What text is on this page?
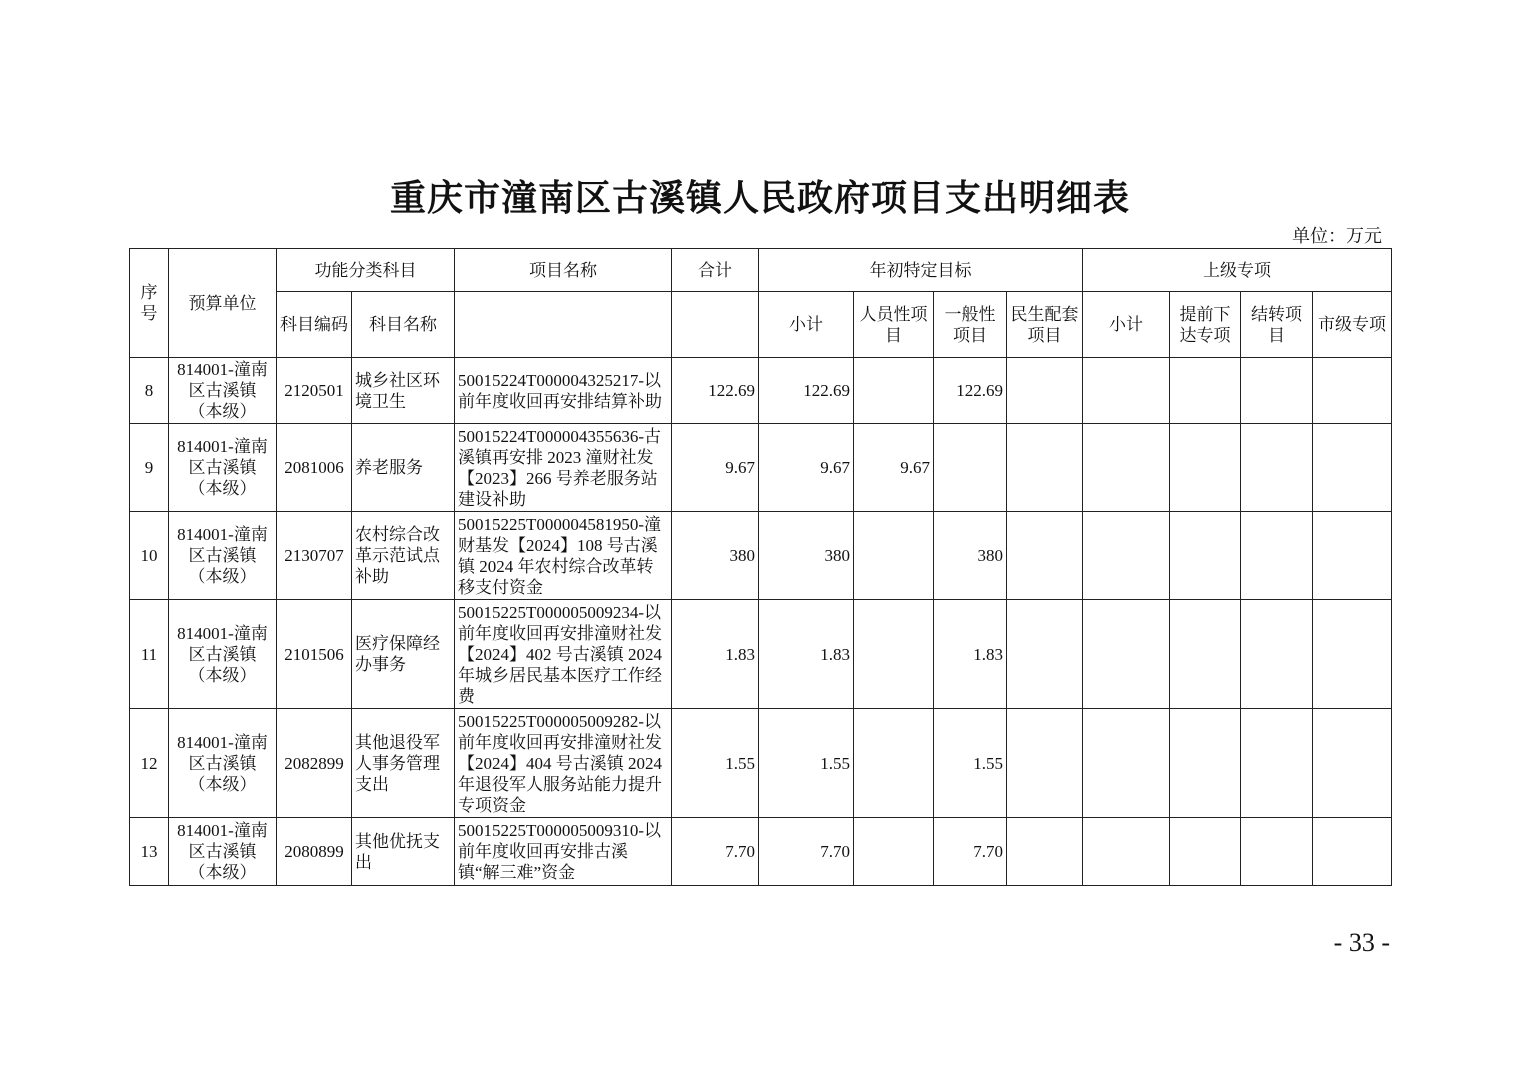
重庆市潼南区古溪镇人民政府项目支出明细表
单位：万元
序号	预算单位	功能分类科目		项目名称	合计	年初特定目标				上级专项			
		科目编码	科目名称			小计	人员性项目	一般性项目	民生配套项目	小计	提前下达专项	结转项目	市级专项
8	814001-潼南区古溪镇（本级）	2120501	城乡社区环境卫生	50015224T000004325217-以前年度收回再安排结算补助	122.69	122.69		122.69					
9	814001-潼南区古溪镇（本级）	2081006	养老服务	50015224T000004355636-古溪镇再安排 2023 潼财社发【2023】266 号养老服务站建设补助	9.67	9.67	9.67						
10	814001-潼南区古溪镇（本级）	2130707	农村综合改革示范试点补助	50015225T000004581950-潼财基发【2024】108 号古溪镇 2024 年农村综合改革转移支付资金	380	380		380					
11	814001-潼南区古溪镇（本级）	2101506	医疗保障经办事务	50015225T000005009234-以前年度收回再安排潼财社发【2024】402 号古溪镇 2024 年城乡居民基本医疗工作经费	1.83	1.83		1.83					
12	814001-潼南区古溪镇（本级）	2082899	其他退役军人事务管理支出	50015225T000005009282-以前年度收回再安排潼财社发【2024】404 号古溪镇 2024 年退役军人服务站能力提升专项资金	1.55	1.55		1.55					
13	814001-潼南区古溪镇（本级）	2080899	其他优抚支出	50015225T000005009310-以前年度收回再安排古溪镇“解三难”资金	7.70	7.70		7.70					
- 33 -
